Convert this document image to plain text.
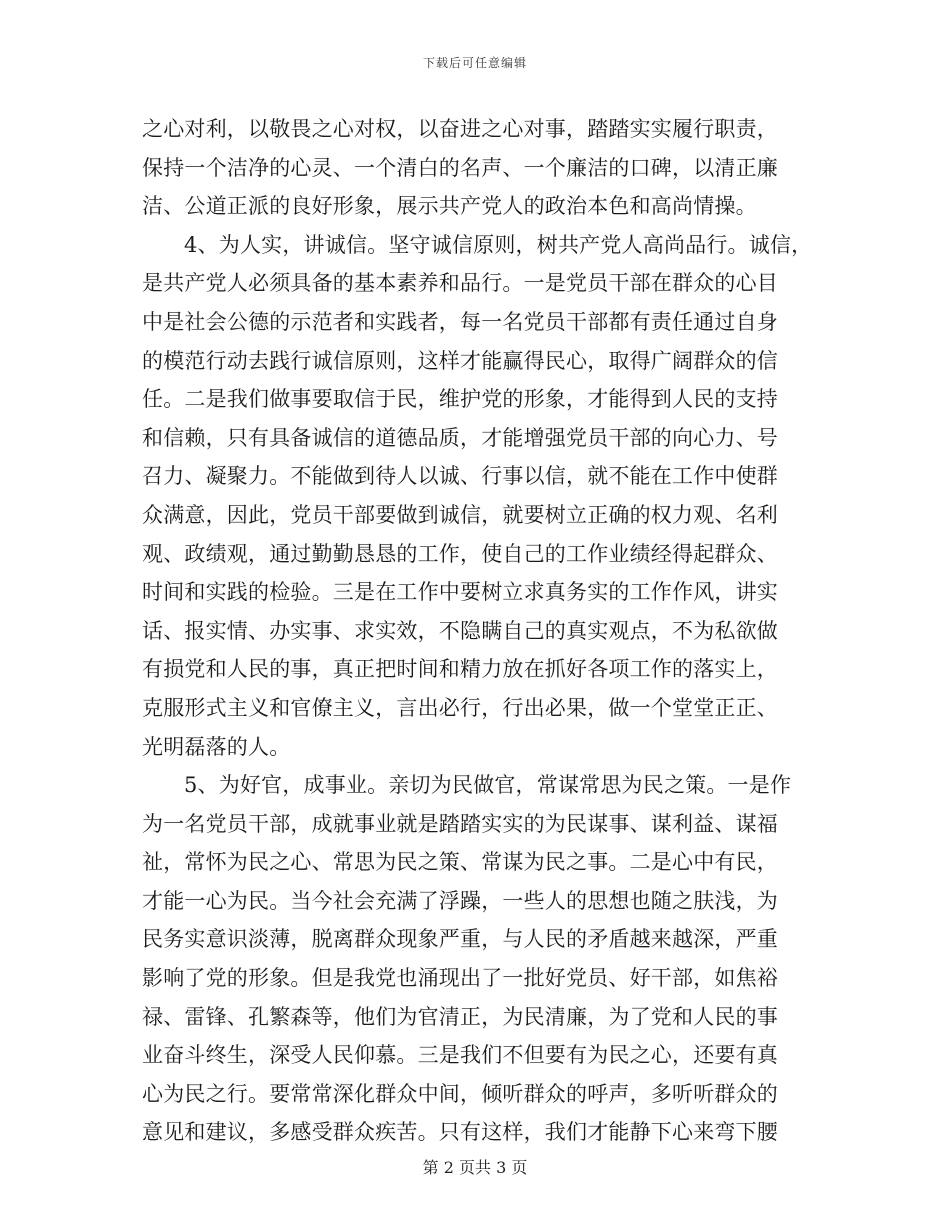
下载后可任意编辑
之心对利，以敬畏之心对权，以奋进之心对事，踏踏实实履行职责，
保持一个洁净的心灵、一个清白的名声、一个廉洁的口碑，以清正廉
洁、公道正派的良好形象，展示共产党人的政治本色和高尚情操。
4、为人实，讲诚信。坚守诚信原则，树共产党人高尚品行。诚信，
是共产党人必须具备的基本素养和品行。一是党员干部在群众的心目
中是社会公德的示范者和实践者，每一名党员干部都有责任通过自身
的模范行动去践行诚信原则，这样才能赢得民心，取得广阔群众的信
任。二是我们做事要取信于民，维护党的形象，才能得到人民的支持
和信赖，只有具备诚信的道德品质，才能增强党员干部的向心力、号
召力、凝聚力。不能做到待人以诚、行事以信，就不能在工作中使群
众满意，因此，党员干部要做到诚信，就要树立正确的权力观、名利
观、政绩观，通过勤勤恳恳的工作，使自己的工作业绩经得起群众、
时间和实践的检验。三是在工作中要树立求真务实的工作作风，讲实
话、报实情、办实事、求实效，不隐瞒自己的真实观点，不为私欲做
有损党和人民的事，真正把时间和精力放在抓好各项工作的落实上，
克服形式主义和官僚主义，言出必行，行出必果，做一个堂堂正正、
光明磊落的人。
5、为好官，成事业。亲切为民做官，常谋常思为民之策。一是作
为一名党员干部，成就事业就是踏踏实实的为民谋事、谋利益、谋福
祉，常怀为民之心、常思为民之策、常谋为民之事。二是心中有民，
才能一心为民。当今社会充满了浮躁，一些人的思想也随之肤浅，为
民务实意识淡薄，脱离群众现象严重，与人民的矛盾越来越深，严重
影响了党的形象。但是我党也涌现出了一批好党员、好干部，如焦裕
禄、雷锋、孔繁森等，他们为官清正，为民清廉，为了党和人民的事
业奋斗终生，深受人民仰慕。三是我们不但要有为民之心，还要有真
心为民之行。要常常深化群众中间，倾听群众的呼声，多听听群众的
意见和建议，多感受群众疾苦。只有这样，我们才能静下心来弯下腰
第 2 页共 3 页
